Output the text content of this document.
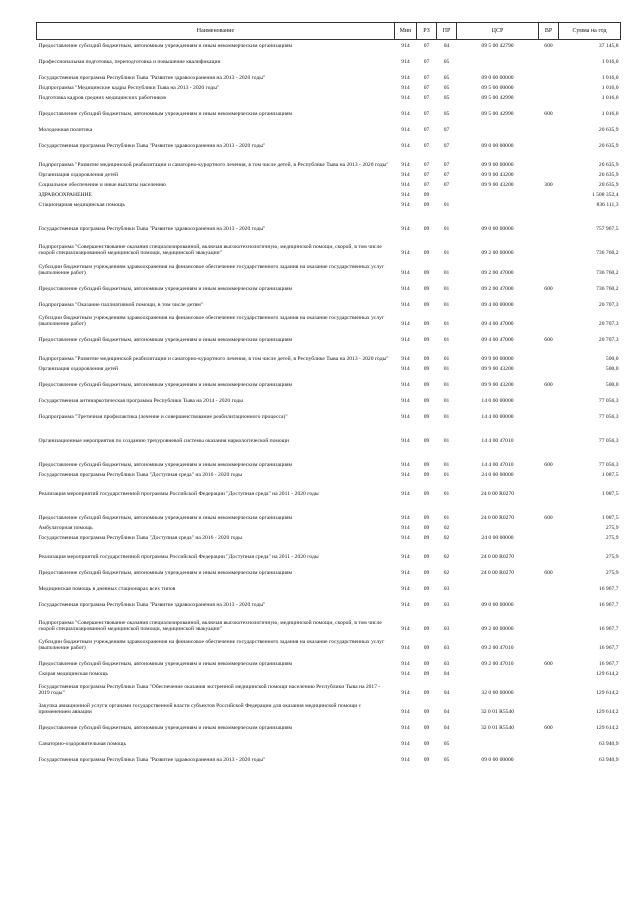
Наименование	Мин	РЗ	ПР	ЦСР	ВР	Сумма на год
Предоставление субсидий бюджетным, автономным учреждениям и иным некоммерческим организациям	914	07	04	09 5 00 42790	600	37 145,8
Профессиональная подготовка, переподготовка и повышение квалификации	914	07	05			1 016,0
Государственная программа Республики Тыва "Развитие здравоохранения на 2013 - 2020 годы"	914	07	05	09 0 00 00000		1 016,0
Подпрограмма "Медицинские кадры Республики Тыва на 2013 - 2020 годы"	914	07	05	09 5 00 00000		1 016,0
Подготовка кадров средних медицинских работников	914	07	05	09 5 00 42990		1 016,0
Предоставление субсидий бюджетным, автономным учреждениям и иным некоммерческим организациям	914	07	05	09 5 00 42990	600	1 016,0
Молодежная политика	914	07	07			20 635,9
Государственная программа Республики Тыва "Развитие здравоохранения на 2013 - 2020 годы"	914	07	07	09 0 00 00000		20 635,9
Подпрограмма "Развитие медицинской реабилитации и санаторно-курортного лечения, в том числе детей, в Республике Тыва на 2013 - 2020 годы"	914	07	07	09 9 00 00000		20 635,9
Организация оздоровления детей	914	07	07	09 9 00 43200		20 635,9
Социальное обеспечение и иные выплаты населению	914	07	07	09 9 00 43200	300	20 635,9
ЗДРАВООХРАНЕНИЕ	914	09				1 508 352,4
Стационарная медицинская помощь	914	09	01			836 111,3
Государственная программа Республики Тыва "Развитие здравоохранения на 2013 - 2020 годы"	914	09	01	09 0 00 00000		757 967,5
Подпрограмма "Совершенствование оказания специализированной, включая высокотехнологичную, медицинской помощи, скорой, в том числе скорой специализированной медицинской помощи, медицинской эвакуации"	914	09	01	09 2 00 00000		736 760,2
Субсидии бюджетным учреждениям здравоохранения на финансовое обеспечение государственного задания на оказание государственных услуг (выполнение работ)	914	09	01	09 2 00 47000		736 760,2
Предоставление субсидий бюджетным, автономным учреждениям и иным некоммерческим организациям	914	09	01	09 2 00 47000	600	736 760,2
Подпрограмма "Оказание паллиативной помощи, в том числе детям"	914	09	01	09 4 00 00000		20 707,3
Субсидии бюджетным учреждениям здравоохранения на финансовое обеспечение государственного задания на оказание государственных услуг (выполнение работ)	914	09	01	09 4 00 47000		20 707,3
Предоставление субсидий бюджетным, автономным учреждениям и иным некоммерческим организациям	914	09	01	09 4 00 47000	600	20 707,3
Подпрограмма "Развитие медицинской реабилитации и санаторно-курортного лечения, в том числе детей, в Республике Тыва на 2013 - 2020 годы"	914	09	01	09 9 00 00000		500,0
Организация оздоровления детей	914	09	01	09 9 00 43200		500,0
Предоставление субсидий бюджетным, автономным учреждениям и иным некоммерческим организациям	914	09	01	09 9 00 43200	600	500,0
Государственная антинаркотическая программа Республики Тыва на 2014 - 2020 годы	914	09	01	14 0 00 00000		77 056,3
Подпрограмма "Третичная профилактика (лечение и совершенствование реабилитационного процесса)"	914	09	01	14 4 00 00000		77 056,3
Организационные мероприятия по созданию трехуровневой системы оказания наркологической помощи	914	09	01	14 4 00 47010		77 056,3
Предоставление субсидий бюджетным, автономным учреждениям и иным некоммерческим организациям	914	09	01	14 4 00 47010	600	77 056,3
Государственная программа Республики Тыва "Доступная среда" на 2016 - 2020 годы	914	09	01	24 0 00 00000		1 087,5
Реализация мероприятий государственной программы Российской Федерации "Доступная среда" на 2011 - 2020 годы	914	09	01	24 0 00 R0270		1 087,5
Предоставление субсидий бюджетным, автономным учреждениям и иным некоммерческим организациям	914	09	01	24 0 00 R0270	600	1 087,5
Амбулаторная помощь	914	09	02			275,9
Государственная программа Республики Тыва "Доступная среда" на 2016 - 2020 годы	914	09	02	24 0 00 00000		275,9
Реализация мероприятий государственной программы Российской Федерации "Доступная среда" на 2011 - 2020 годы	914	09	02	24 0 00 R0270		275,9
Предоставление субсидий бюджетным, автономным учреждениям и иным некоммерческим организациям	914	09	02	24 0 00 R0270	600	275,9
Медицинская помощь в дневных стационарах всех типов	914	09	03			16 967,7
Государственная программа Республики Тыва "Развитие здравоохранения на 2013 - 2020 годы"	914	09	03	09 0 00 00000		16 967,7
Подпрограмма "Совершенствование оказания специализированной, включая высокотехнологичную, медицинской помощи, скорой, в том числе скорой специализированной медицинской помощи, медицинской эвакуации"	914	09	03	09 2 00 00000		16 967,7
Субсидии бюджетным учреждениям здравоохранения на финансовое обеспечение государственного задания на оказание государственных услуг (выполнение работ)	914	09	03	09 2 00 47010		16 967,7
Предоставление субсидий бюджетным, автономным учреждениям и иным некоммерческим организациям	914	09	03	09 2 00 47010	600	16 967,7
Скорая медицинская помощь	914	09	04			129 614,2
Государственная программа Республики Тыва "Обеспечение оказания экстренной медицинской помощи населению Республики Тыва на 2017 - 2019 годы"	914	09	04	32 0 00 00000		129 614,2
Закупка авиационной услуги органами государственной власти субъектов Российской Федерации для оказания медицинской помощи с применением авиации	914	09	04	32 0 01 R5540		129 614,2
Предоставление субсидий бюджетным, автономным учреждениям и иным некоммерческим организациям	914	09	04	32 0 01 R5540	600	129 614,2
Санаторно-оздоровительная помощь	914	09	05			63 940,9
Государственная программа Республики Тыва "Развитие здравоохранения на 2013 - 2020 годы"	914	09	05	09 0 00 00000		63 940,9
